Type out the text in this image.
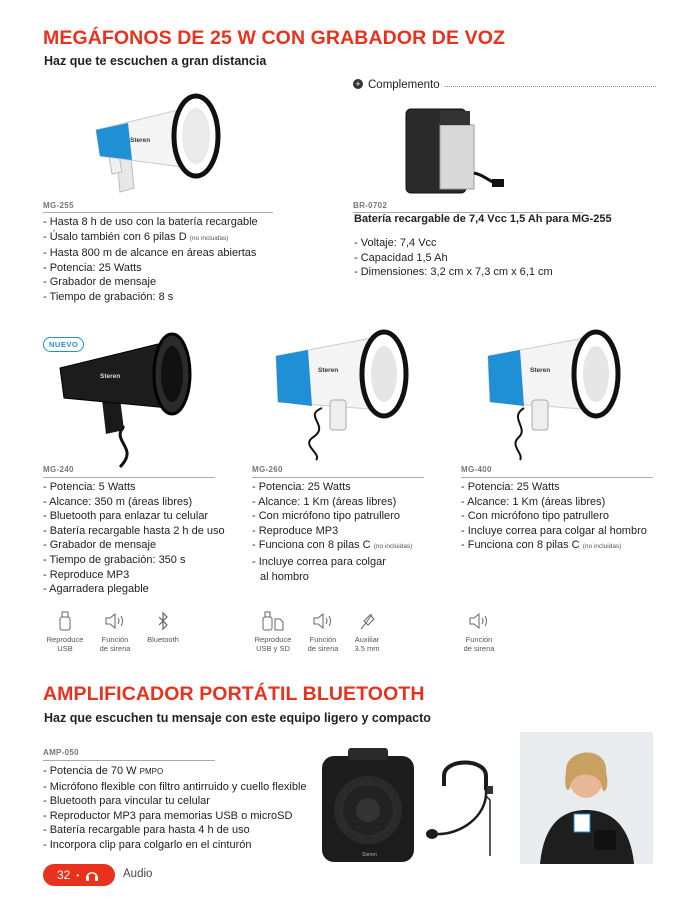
MEGÁFONOS DE 25 W CON GRABADOR DE VOZ
Haz que te escuchen a gran distancia
Steren
+ Complemento
BR-0702
Batería recargable de 7,4 Vcc 1,5 Ah para MG-255
- Voltaje: 7,4 Vcc
- Capacidad 1,5 Ah
- Dimensiones: 3,2 cm x 7,3 cm x 6,1 cm
MG-255
- Hasta 8 h de uso con la batería recargable
- Úsalo también con 6 pilas D (no incluidas)
- Hasta 800 m de alcance en áreas abiertas
- Potencia: 25 Watts
- Grabador de mensaje
- Tiempo de grabación: 8 s
NUEVO
Steren
Steren	Steren
MG-240
- Potencia: 5 Watts
- Alcance: 350 m (áreas libres)
- Bluetooth para enlazar tu celular
- Batería recargable hasta 2 h de uso
- Grabador de mensaje
- Tiempo de grabación: 350 s
- Reproduce MP3
- Agarradera plegable
MG-260
- Potencia: 25 Watts
- Alcance: 1 Km (áreas libres)
- Con micrófono tipo patrullero
- Reproduce MP3
- Funciona con 8 pilas C (no incluidas)
- Incluye correa para colgar
al hombro
MG-400
- Potencia: 25 Watts
- Alcance: 1 Km (áreas libres)
- Con micrófono tipo patrullero
- Incluye correa para colgar al hombro
- Funciona con 8 pilas C (no incluidas)
Reproduce
USB
Función
de sirena
Bluetooth	Reproduce
USB y SD
Función
de sirena
Auxiliar
3.5 mm
Función
de sirena
AMPLIFICADOR PORTÁTIL BLUETOOTH
Haz que escuchen tu mensaje con este equipo ligero y compacto
AMP-050
- Potencia de 70 W PMPO
- Micrófono flexible con filtro antirruido y cuello flexible
- Bluetooth para vincular tu celular
- Reproductor MP3 para memorias USB o microSD
- Batería recargable para hasta 4 h de uso
- Incorpora clip para colgarlo en el cinturón
Steren
32 •	Audio
